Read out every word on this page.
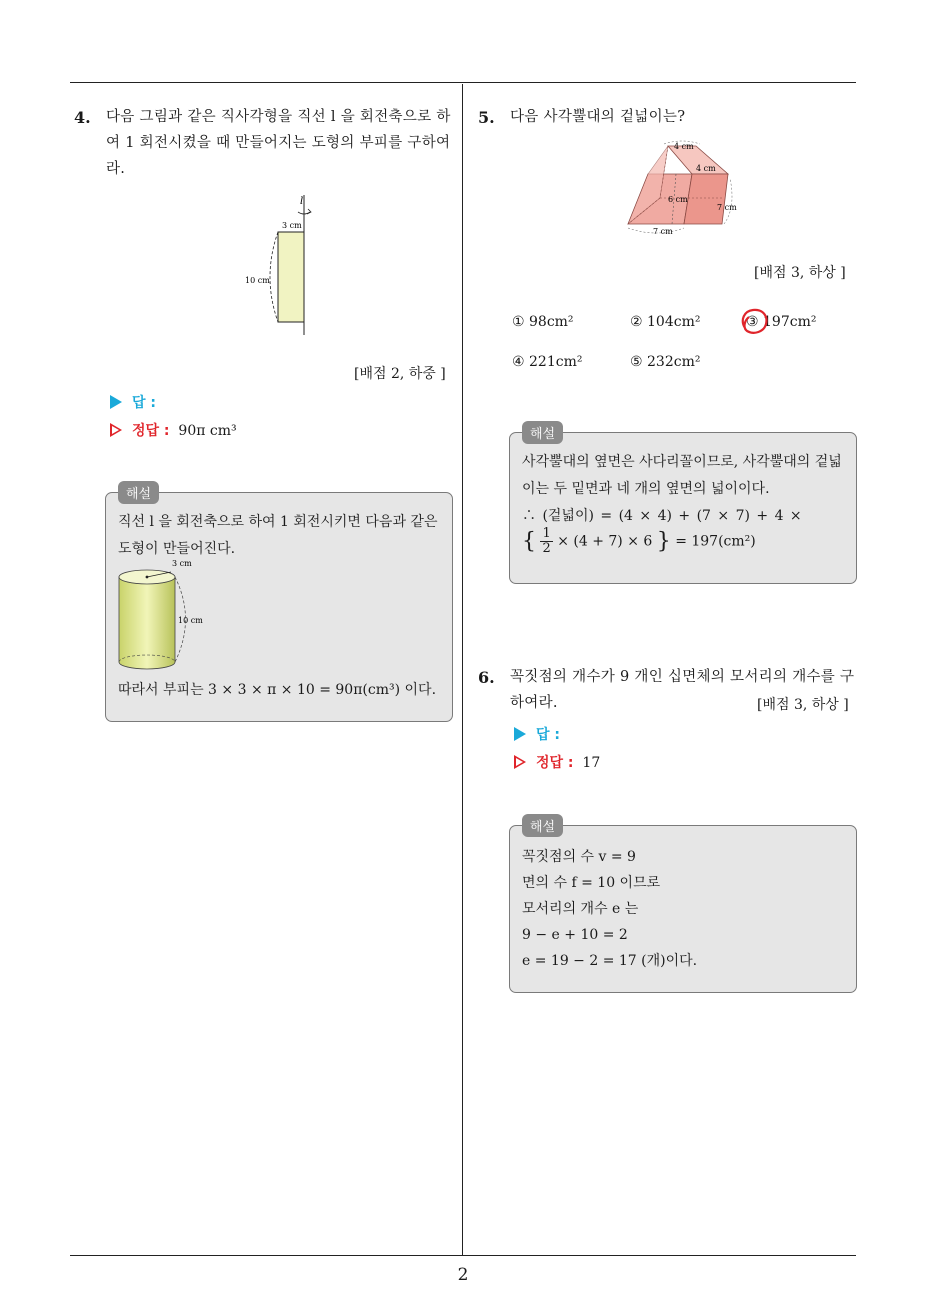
4. 다음 그림과 같은 직사각형을 직선 l 을 회전축으로 하여 1 회전시켰을 때 만들어지는 도형의 부피를 구하여라.
l
3 cm
10 cm
[배점 2, 하중 ]
답 :
정답 : 90π cm³
해설
직선 l 을 회전축으로 하여 1 회전시키면 다음과 같은 도형이 만들어진다.
3 cm
10 cm
따라서 부피는 3 × 3 × π × 10 = 90π(cm³) 이다.
5. 다음 사각뿔대의 겉넓이는?
4 cm
4 cm
6 cm
7 cm
7 cm
[배점 3, 하상 ]
① 98cm²	② 104cm²	③ 197cm²
④ 221cm²	⑤ 232cm²
해설
사각뿔대의 옆면은 사다리꼴이므로, 사각뿔대의 겉넓이는 두 밑면과 네 개의 옆면의 넓이이다.
∴ (겉넓이) = (4 × 4) + (7 × 7) + 4 ×
{ $\frac{1}{2} \times (4 + 7) \times 6$ } = 197(cm²)
6. 꼭짓점의 개수가 9 개인 십면체의 모서리의 개수를 구하여라.	[배점 3, 하상 ]
답 :
정답 : 17
해설
꼭짓점의 수 v = 9
면의 수 f = 10 이므로
모서리의 개수 e 는
9 − e + 10 = 2
e = 19 − 2 = 17 (개)이다.
2
